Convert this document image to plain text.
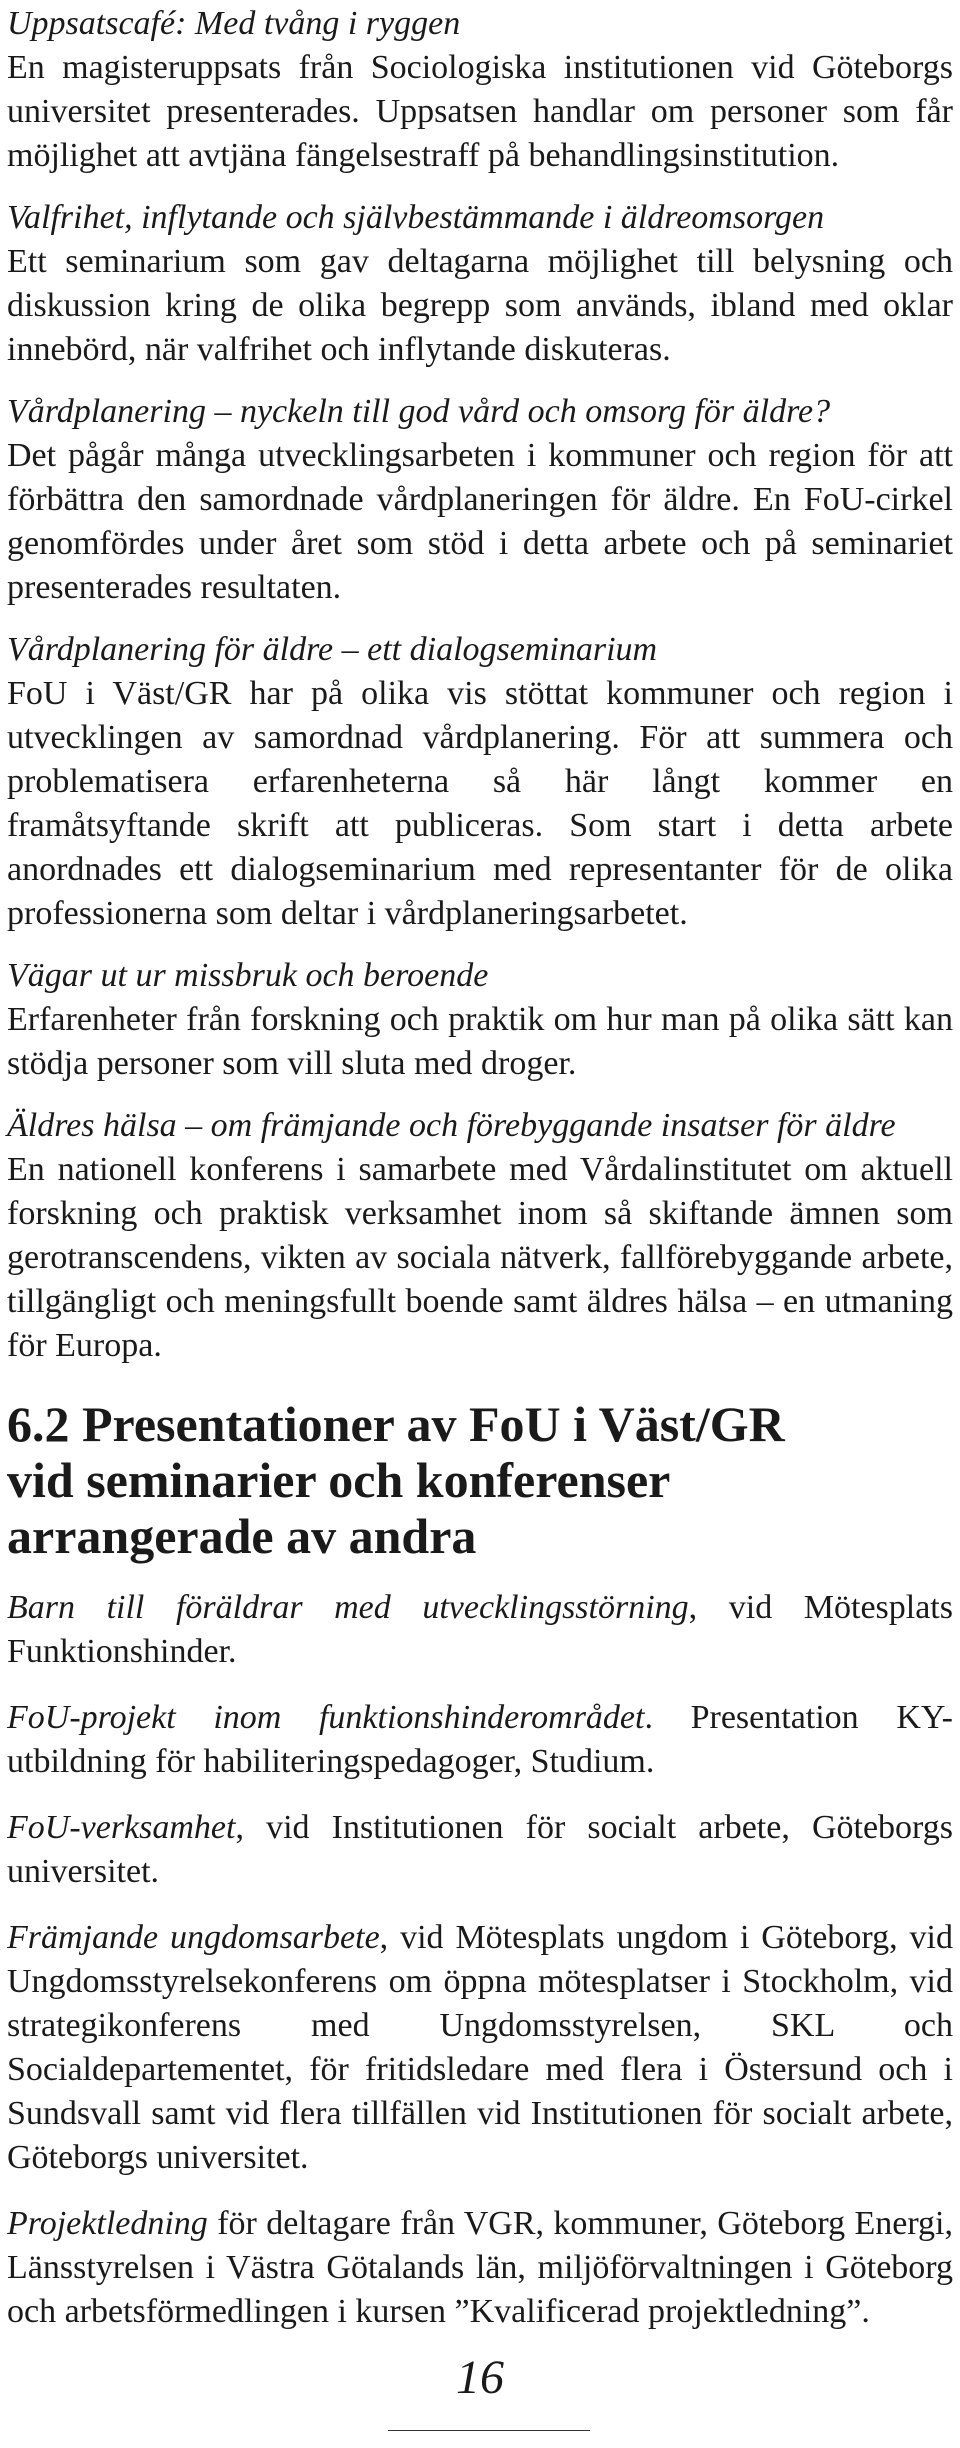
Uppsatscafé: Med tvång i ryggen

En magisteruppsats från Sociologiska institutionen vid Göteborgs universitet presenterades. Uppsatsen handlar om personer som får möjlighet att avtjäna fängelsestraff på behandlingsinstitution.

Valfrihet, inflytande och självbestämmande i äldreomsorgen

Ett seminarium som gav deltagarna möjlighet till belysning och diskussion kring de olika begrepp som används, ibland med oklar innebörd, när valfrihet och inflytande diskuteras.

Vårdplanering – nyckeln till god vård och omsorg för äldre?

Det pågår många utvecklingsarbeten i kommuner och region för att förbättra den samordnade vårdplaneringen för äldre. En FoU-cirkel genomfördes under året som stöd i detta arbete och på seminariet presenterades resultaten.

Vårdplanering för äldre – ett dialogseminarium

FoU i Väst/GR har på olika vis stöttat kommuner och region i utvecklingen av samordnad vårdplanering. För att summera och problematisera erfarenheterna så här långt kommer en framåtsyftande skrift att publiceras. Som start i detta arbete anordnades ett dialogseminarium med representanter för de olika professionerna som deltar i vårdplaneringsarbetet.

Vägar ut ur missbruk och beroende

Erfarenheter från forskning och praktik om hur man på olika sätt kan stödja personer som vill sluta med droger.

Äldres hälsa – om främjande och förebyggande insatser för äldre

En nationell konferens i samarbete med Vårdalinstitutet om aktuell forskning och praktisk verksamhet inom så skiftande ämnen som gerotranscendens, vikten av sociala nätverk, fallförebyggande arbete, tillgängligt och meningsfullt boende samt äldres hälsa – en utmaning för Europa.

6.2 Presentationer av FoU i Väst/GR
vid seminarier och konferenser
arrangerade av andra

Barn till föräldrar med utvecklingsstörning, vid Mötesplats Funktionshinder.

FoU-projekt inom funktionshinderområdet. Presentation KY-utbildning för habiliteringspedagoger, Studium.

FoU-verksamhet, vid Institutionen för socialt arbete, Göteborgs universitet.

Främjande ungdomsarbete, vid Mötesplats ungdom i Göteborg, vid Ungdomsstyrelsekonferens om öppna mötesplatser i Stockholm, vid strategikonferens med Ungdomsstyrelsen, SKL och Socialdepartementet, för fritidsledare med flera i Östersund och i Sundsvall samt vid flera tillfällen vid Institutionen för socialt arbete, Göteborgs universitet.

Projektledning för deltagare från VGR, kommuner, Göteborg Energi, Länsstyrelsen i Västra Götalands län, miljöförvaltningen i Göteborg och arbetsförmedlingen i kursen ”Kvalificerad projektledning”.

16
